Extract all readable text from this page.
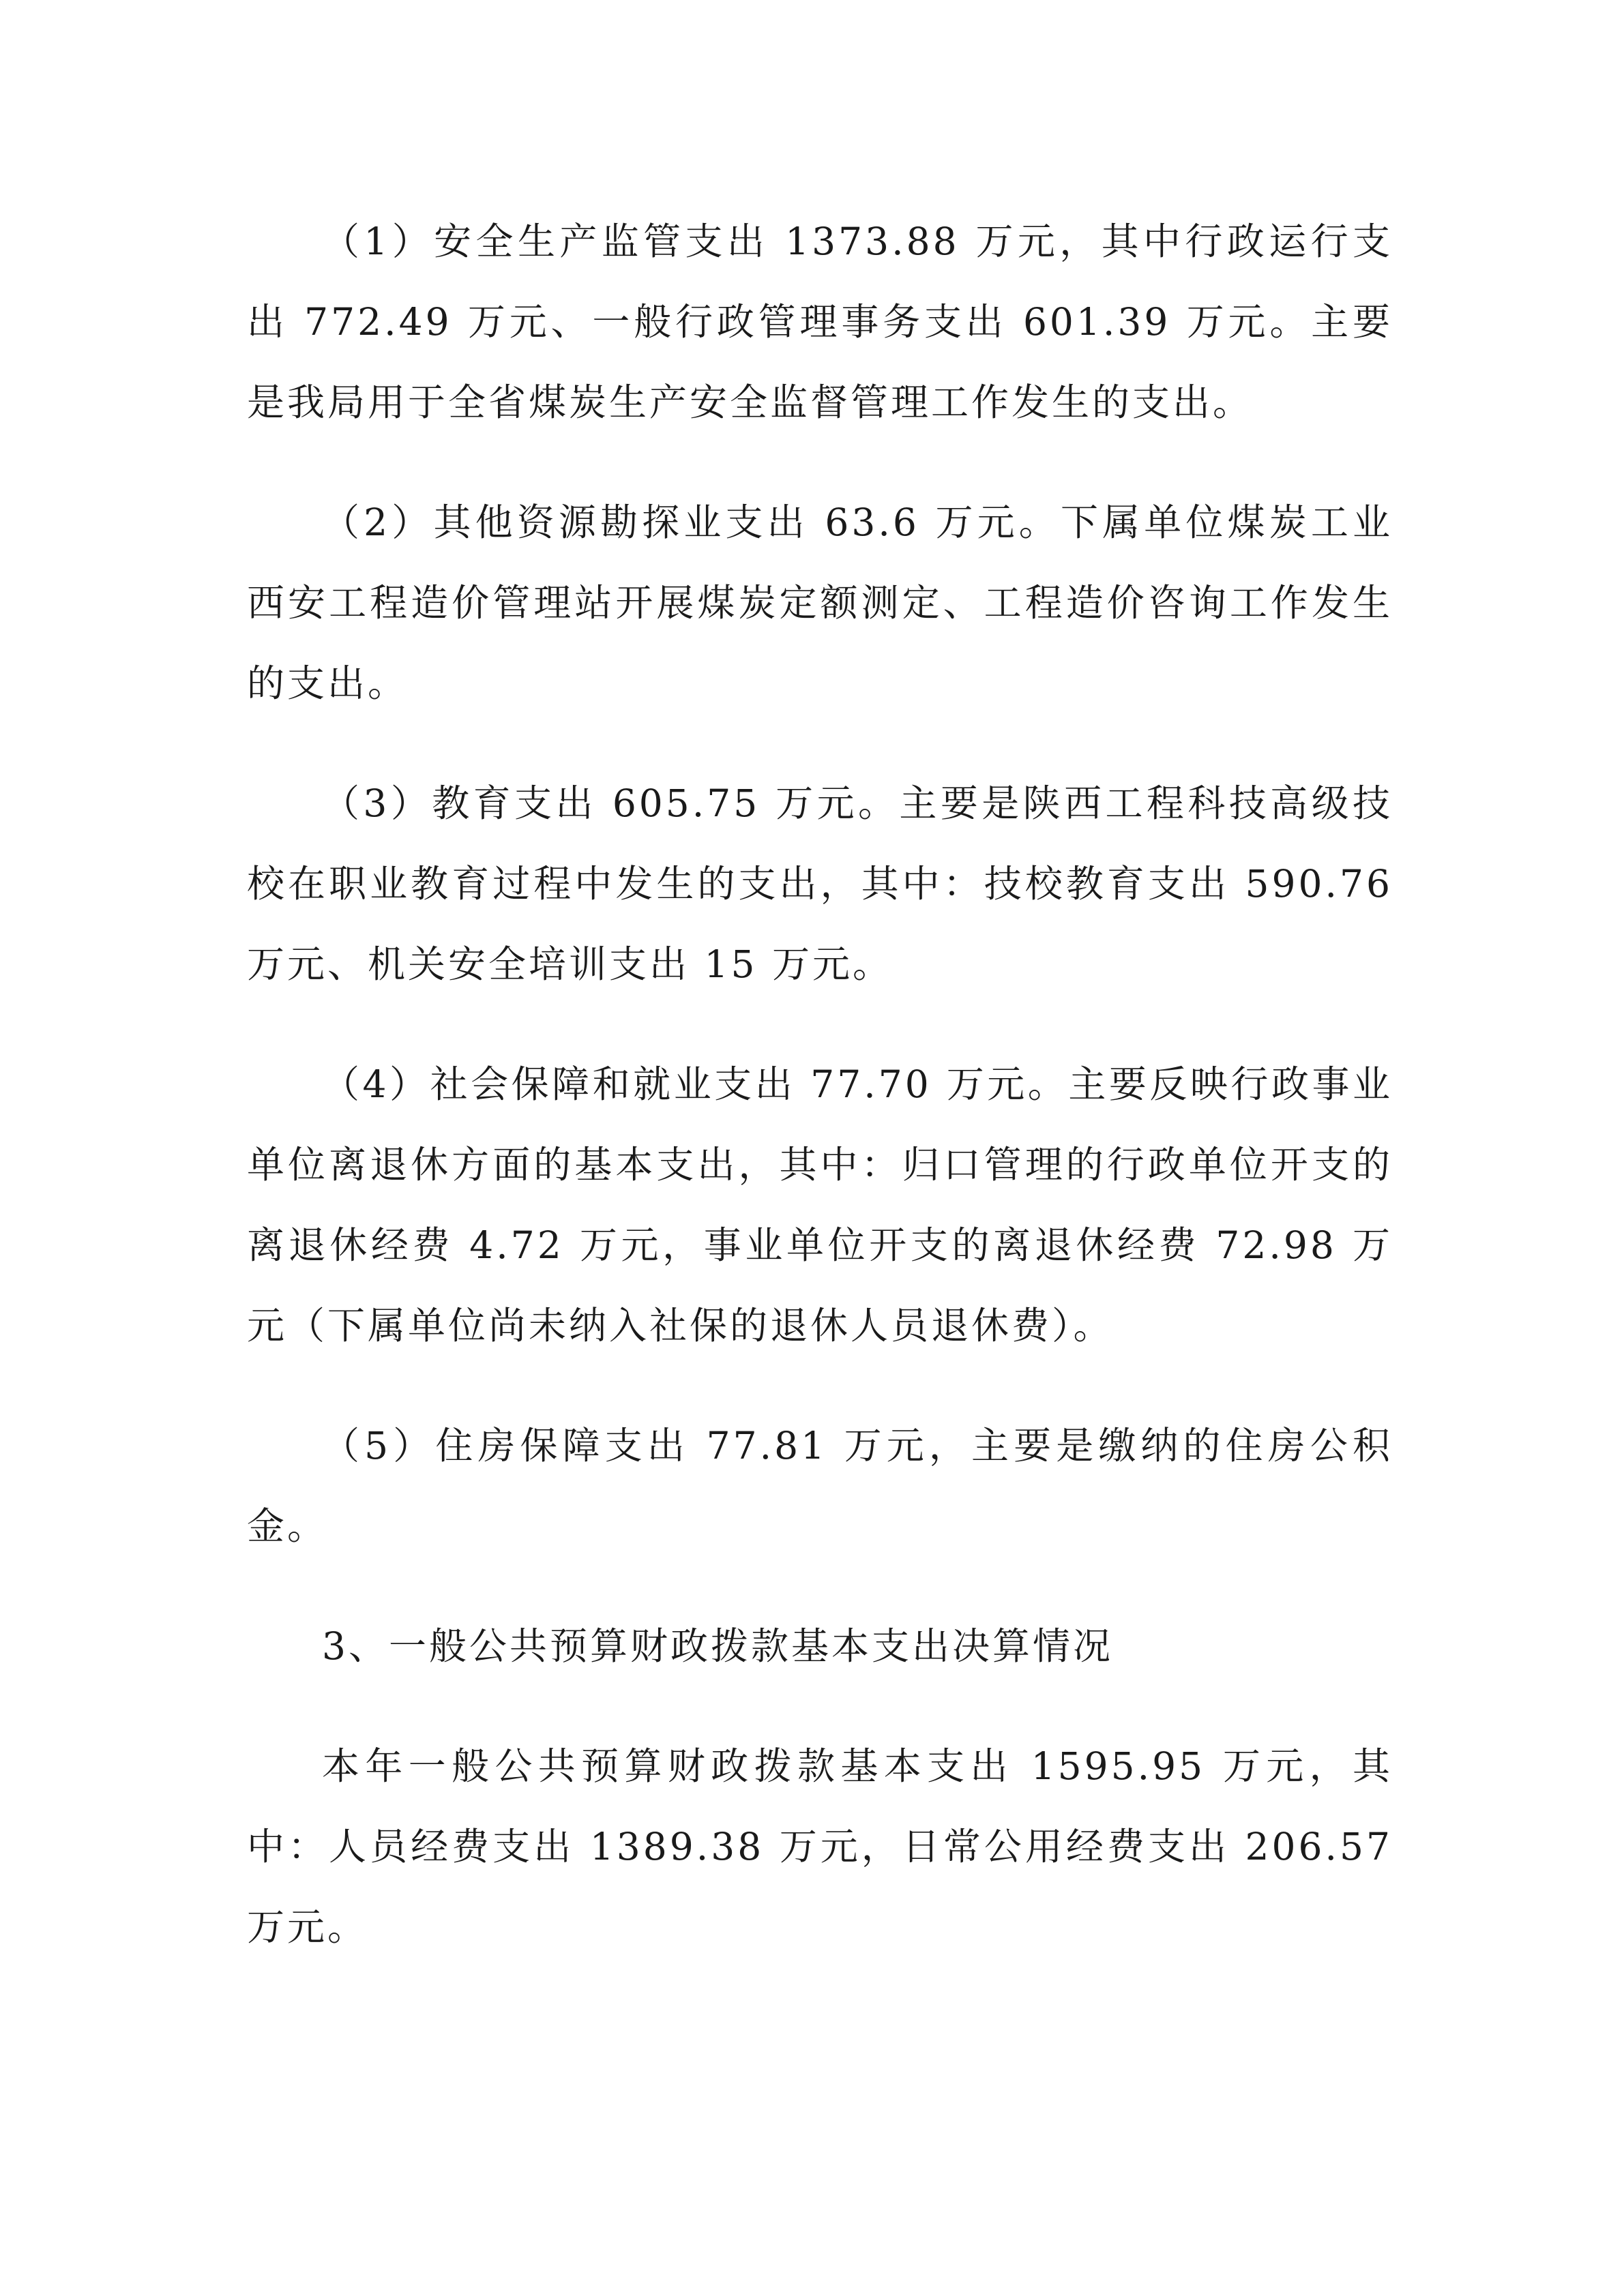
（1）安全生产监管支出 1373.88 万元，其中行政运行支出 772.49 万元、一般行政管理事务支出 601.39 万元。主要是我局用于全省煤炭生产安全监督管理工作发生的支出。

（2）其他资源勘探业支出 63.6 万元。下属单位煤炭工业西安工程造价管理站开展煤炭定额测定、工程造价咨询工作发生的支出。

（3）教育支出 605.75 万元。主要是陕西工程科技高级技校在职业教育过程中发生的支出，其中：技校教育支出 590.76 万元、机关安全培训支出 15 万元。

（4）社会保障和就业支出 77.70 万元。主要反映行政事业单位离退休方面的基本支出，其中：归口管理的行政单位开支的离退休经费 4.72 万元，事业单位开支的离退休经费 72.98 万元（下属单位尚未纳入社保的退休人员退休费）。

（5）住房保障支出 77.81 万元，主要是缴纳的住房公积金。

3、一般公共预算财政拨款基本支出决算情况

本年一般公共预算财政拨款基本支出 1595.95 万元，其中：人员经费支出 1389.38 万元，日常公用经费支出 206.57 万元。
